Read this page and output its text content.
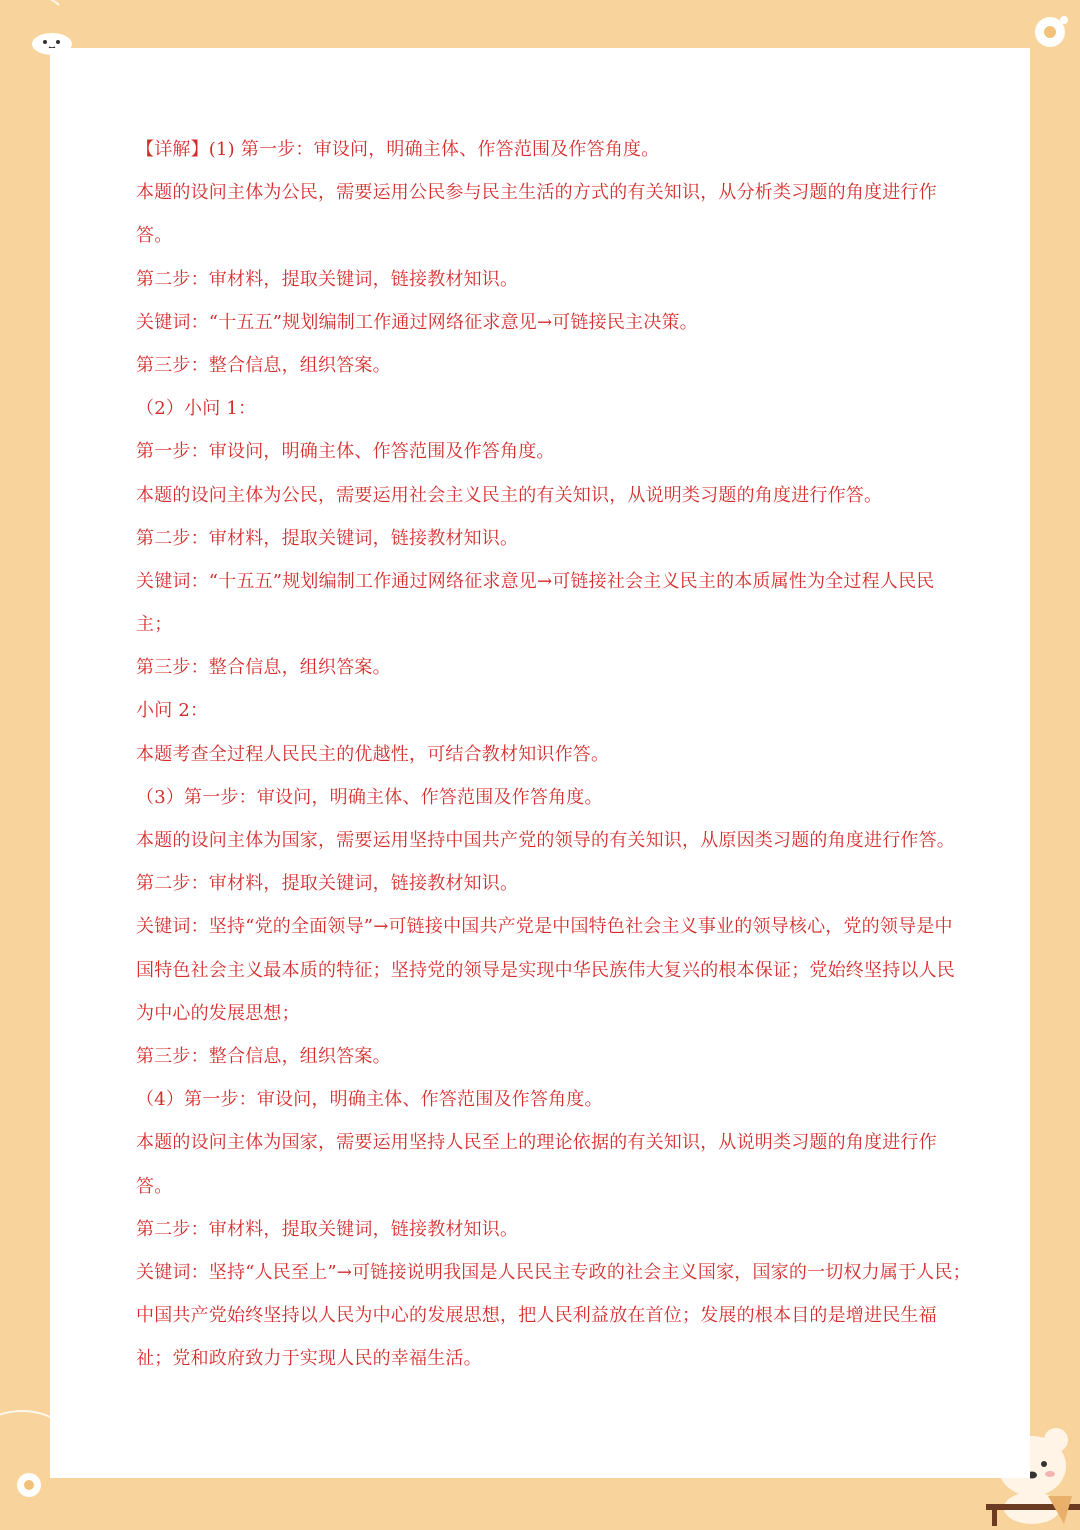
【详解】(1) 第一步：审设问，明确主体、作答范围及作答角度。
本题的设问主体为公民，需要运用公民参与民主生活的方式的有关知识，从分析类习题的角度进行作
答。
第二步：审材料，提取关键词，链接教材知识。
关键词：“十五五”规划编制工作通过网络征求意见→可链接民主决策。
第三步：整合信息，组织答案。
（2）小问 1：
第一步：审设问，明确主体、作答范围及作答角度。
本题的设问主体为公民，需要运用社会主义民主的有关知识，从说明类习题的角度进行作答。
第二步：审材料，提取关键词，链接教材知识。
关键词：“十五五”规划编制工作通过网络征求意见→可链接社会主义民主的本质属性为全过程人民民
主；
第三步：整合信息，组织答案。
小问 2：
本题考查全过程人民民主的优越性，可结合教材知识作答。
（3）第一步：审设问，明确主体、作答范围及作答角度。
本题的设问主体为国家，需要运用坚持中国共产党的领导的有关知识，从原因类习题的角度进行作答。
第二步：审材料，提取关键词，链接教材知识。
关键词：坚持“党的全面领导”→可链接中国共产党是中国特色社会主义事业的领导核心，党的领导是中
国特色社会主义最本质的特征；坚持党的领导是实现中华民族伟大复兴的根本保证；党始终坚持以人民
为中心的发展思想；
第三步：整合信息，组织答案。
（4）第一步：审设问，明确主体、作答范围及作答角度。
本题的设问主体为国家，需要运用坚持人民至上的理论依据的有关知识，从说明类习题的角度进行作
答。
第二步：审材料，提取关键词，链接教材知识。
关键词：坚持“人民至上”→可链接说明我国是人民民主专政的社会主义国家，国家的一切权力属于人民；
中国共产党始终坚持以人民为中心的发展思想，把人民利益放在首位；发展的根本目的是增进民生福
祉；党和政府致力于实现人民的幸福生活。
